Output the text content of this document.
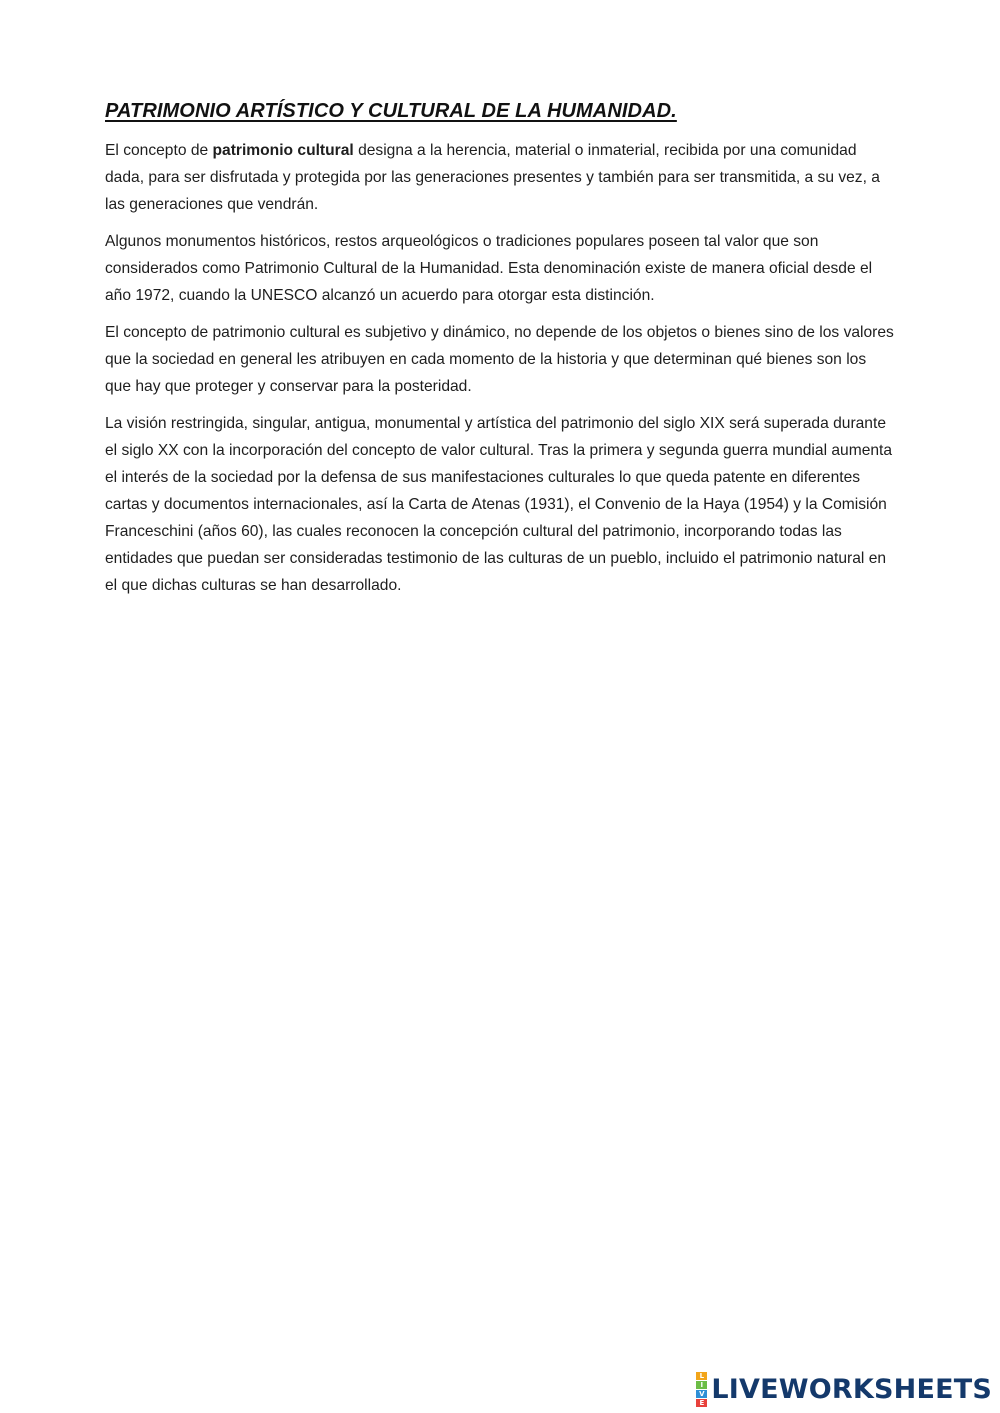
PATRIMONIO ARTÍSTICO Y CULTURAL DE LA HUMANIDAD.

El concepto de patrimonio cultural designa a la herencia, material o inmaterial, recibida por una comunidad dada, para ser disfrutada y protegida por las generaciones presentes y también para ser transmitida, a su vez, a las generaciones que vendrán.

Algunos monumentos históricos, restos arqueológicos o tradiciones populares poseen tal valor que son considerados como Patrimonio Cultural de la Humanidad. Esta denominación existe de manera oficial desde el año 1972, cuando la UNESCO alcanzó un acuerdo para otorgar esta distinción.

El concepto de patrimonio cultural es subjetivo y dinámico, no depende de los objetos o bienes sino de los valores que la sociedad en general les atribuyen en cada momento de la historia y que determinan qué bienes son los que hay que proteger y conservar para la posteridad.

La visión restringida, singular, antigua, monumental y artística del patrimonio del siglo XIX será superada durante el siglo XX con la incorporación del concepto de valor cultural. Tras la primera y segunda guerra mundial aumenta el interés de la sociedad por la defensa de sus manifestaciones culturales lo que queda patente en diferentes cartas y documentos internacionales, así la Carta de Atenas (1931), el Convenio de la Haya (1954) y la Comisión Franceschini (años 60), las cuales reconocen la concepción cultural del patrimonio, incorporando todas las entidades que puedan ser consideradas testimonio de las culturas de un pueblo, incluido el patrimonio natural en el que dichas culturas se han desarrollado.

L
I
V
E LIVEWORKSHEETS
